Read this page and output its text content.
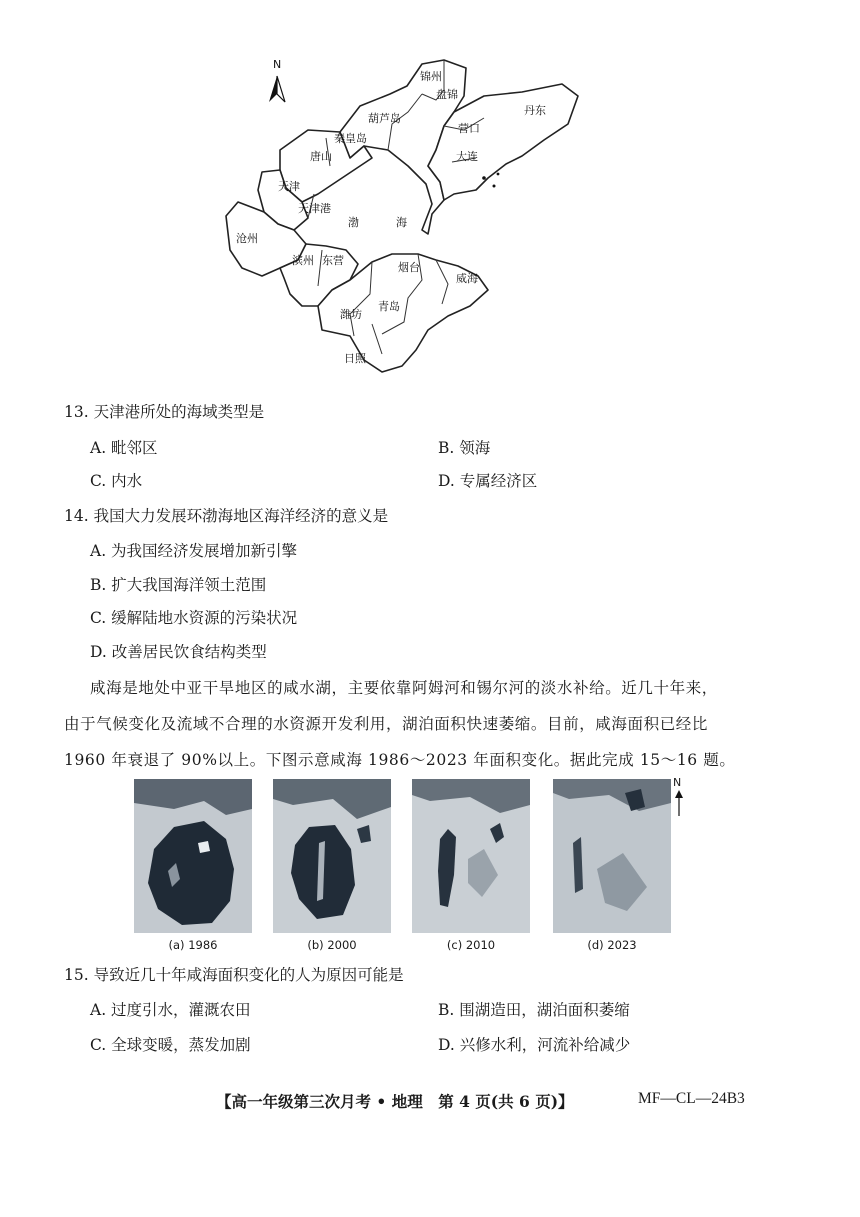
N
锦州
盘锦
葫芦岛
营口
丹东
秦皇岛
唐山	大连
天津
天津港
渤	海
沧州
滨州 东营
烟台
威海
潍坊
青岛
日照
13. 天津港所处的海域类型是
A. 毗邻区	B. 领海
C. 内水	D. 专属经济区
14. 我国大力发展环渤海地区海洋经济的意义是
A. 为我国经济发展增加新引擎
B. 扩大我国海洋领土范围
C. 缓解陆地水资源的污染状况
D. 改善居民饮食结构类型
咸海是地处中亚干旱地区的咸水湖，主要依靠阿姆河和锡尔河的淡水补给。近几十年来，
由于气候变化及流域不合理的水资源开发利用，湖泊面积快速萎缩。目前，咸海面积已经比
1960 年衰退了 90%以上。下图示意咸海 1986～2023 年面积变化。据此完成 15～16 题。
N
(a) 1986	(b) 2000	(c) 2010	(d) 2023
15. 导致近几十年咸海面积变化的人为原因可能是
A. 过度引水，灌溉农田	B. 围湖造田，湖泊面积萎缩
C. 全球变暖，蒸发加剧	D. 兴修水利，河流补给减少
【高一年级第三次月考 • 地理　第 4 页(共 6 页)】	MF—CL—24B3
